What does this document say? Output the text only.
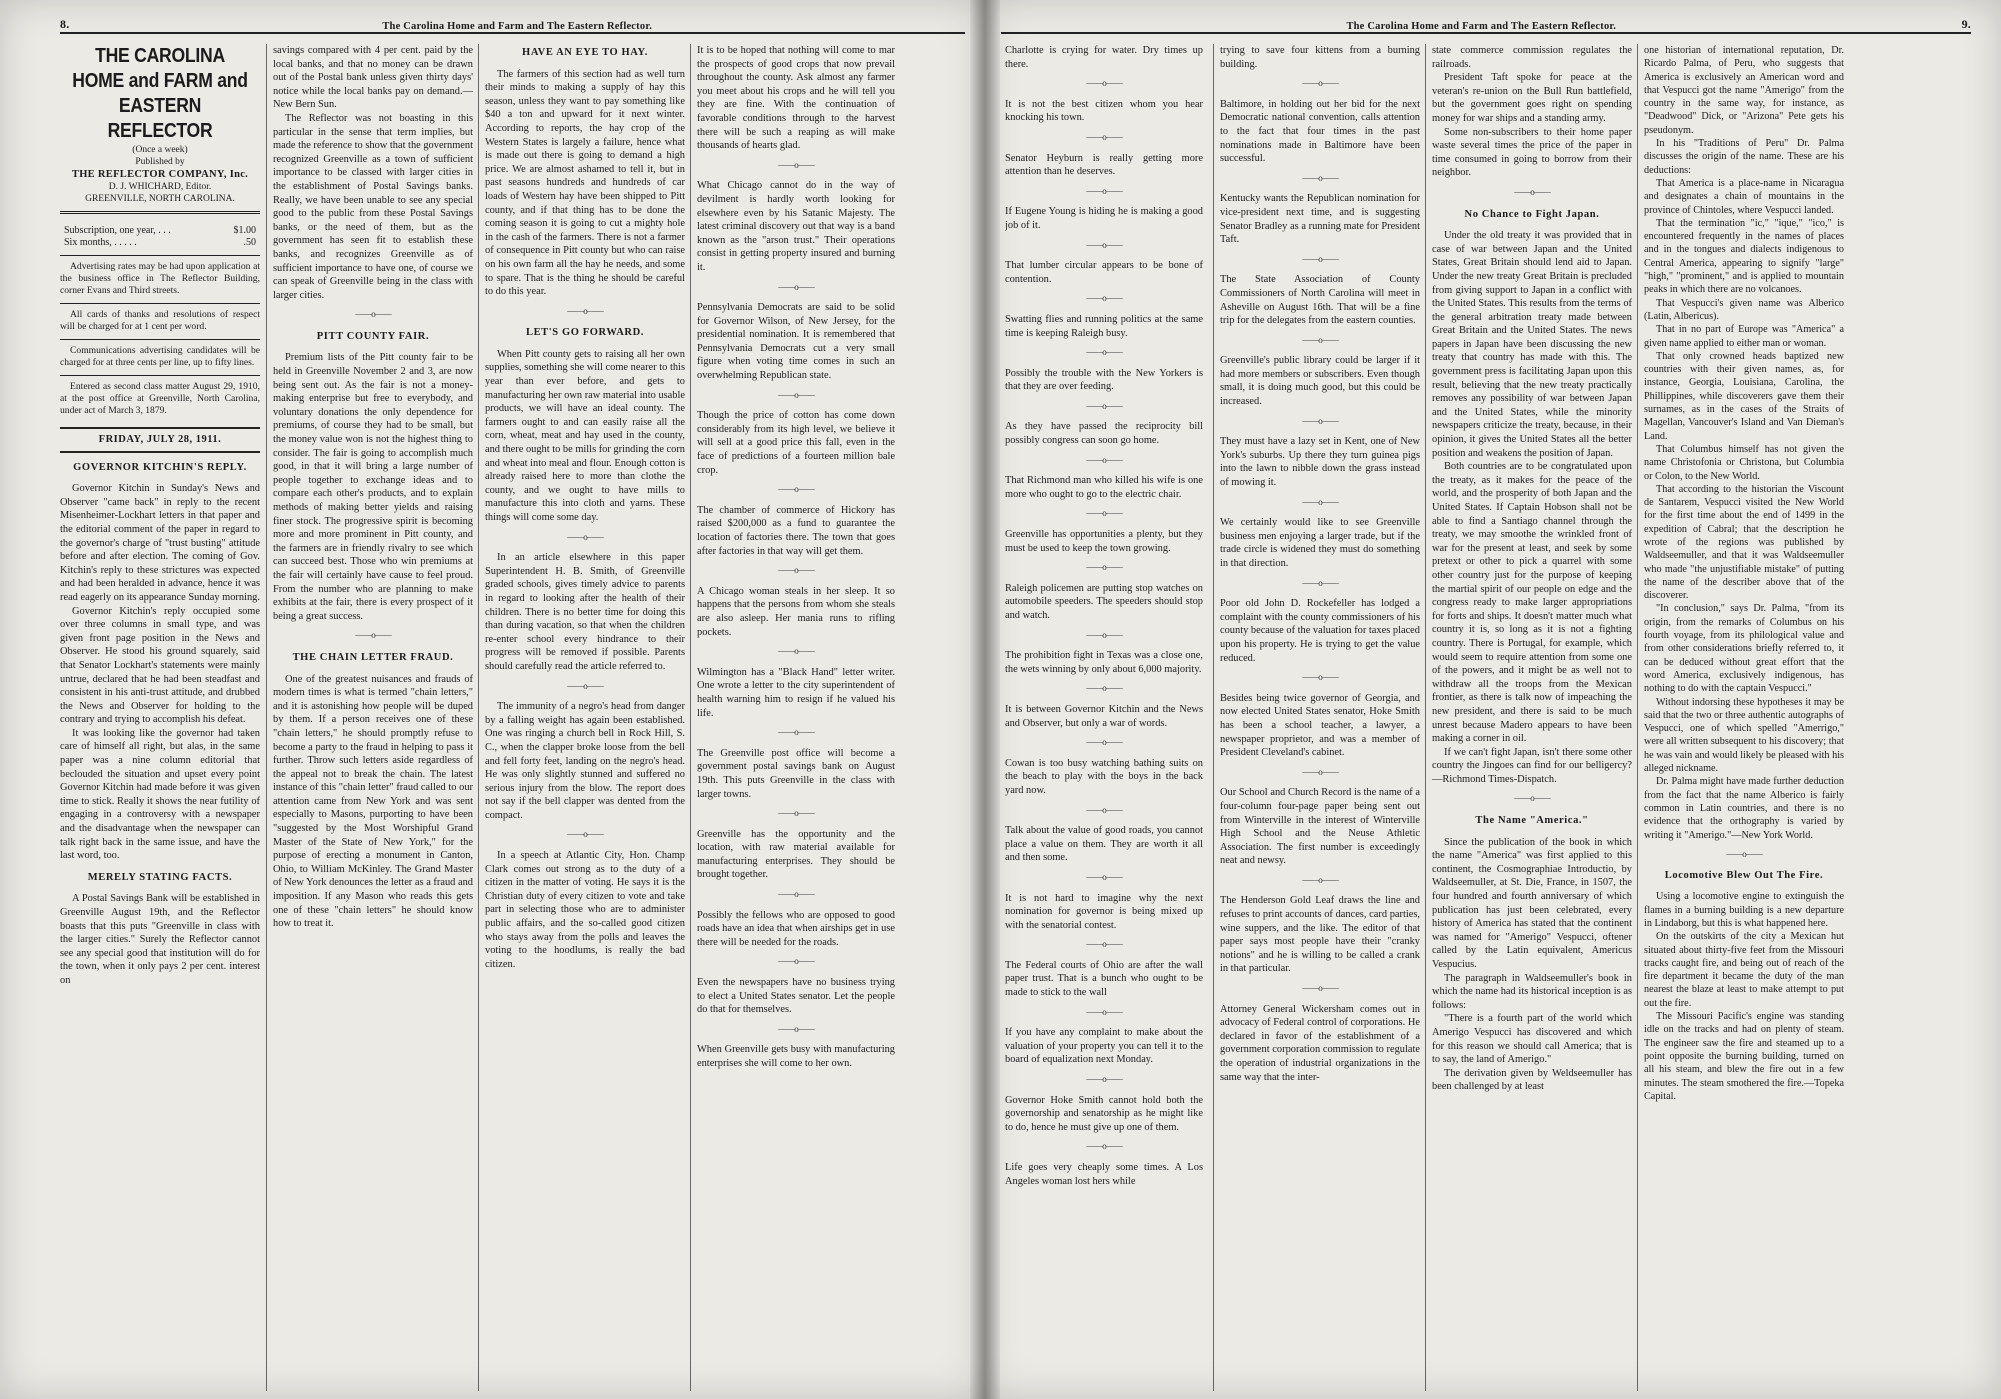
8.	The Carolina Home and Farm and The Eastern Reflector.
THE CAROLINA HOME and FARM and EASTERN REFLECTOR
(Once a week)
Published by
THE REFLECTOR COMPANY, Inc.
D. J. WHICHARD, Editor.
GREENVILLE, NORTH CAROLINA.
Subscription, one year, . . .	$1.00
Six months, . . . . .	.50

Advertising rates may be had upon application at the business office in The Reflector Building, corner Evans and Third streets.

All cards of thanks and resolutions of respect will be charged for at 1 cent per word.

Communications advertising candidates will be charged for at three cents per line, up to fifty lines.

Entered as second class matter August 29, 1910, at the post office at Greenville, North Carolina, under act of March 3, 1879.

FRIDAY, JULY 28, 1911.
GOVERNOR KITCHIN'S REPLY.

Governor Kitchin in Sunday's News and Observer "came back" in reply to the recent Misenheimer-Lockhart letters in that paper and the editorial comment of the paper in regard to the governor's charge of "trust busting" attitude before and after election. The coming of Gov. Kitchin's reply to these strictures was expected and had been heralded in advance, hence it was read eagerly on its appearance Sunday morning.

Governor Kitchin's reply occupied some over three columns in small type, and was given front page position in the News and Observer. He stood his ground squarely, said that Senator Lockhart's statements were mainly untrue, declared that he had been steadfast and consistent in his anti-trust attitude, and drubbed the News and Observer for holding to the contrary and trying to accomplish his defeat.

It was looking like the governor had taken care of himself all right, but alas, in the same paper was a nine column editorial that beclouded the situation and upset every point Governor Kitchin had made before it was given time to stick. Really it shows the near futility of engaging in a controversy with a newspaper and the disadvantage when the newspaper can talk right back in the same issue, and have the last word, too.

MERELY STATING FACTS.

A Postal Savings Bank will be established in Greenville August 19th, and the Reflector boasts that this puts "Greenville in class with the larger cities." Surely the Reflector cannot see any special good that institution will do for the town, when it only pays 2 per cent. interest on

savings compared with 4 per cent. paid by the local banks, and that no money can be drawn out of the Postal bank unless given thirty days' notice while the local banks pay on demand.—New Bern Sun.

The Reflector was not boasting in this particular in the sense that term implies, but made the reference to show that the government recognized Greenville as a town of sufficient importance to be classed with larger cities in the establishment of Postal Savings banks. Really, we have been unable to see any special good to the public from these Postal Savings banks, or the need of them, but as the government has seen fit to establish these banks, and recognizes Greenville as of sufficient importance to have one, of course we can speak of Greenville being in the class with larger cities.

——o——
PITT COUNTY FAIR.

Premium lists of the Pitt county fair to be held in Greenville November 2 and 3, are now being sent out. As the fair is not a money-making enterprise but free to everybody, and voluntary donations the only dependence for premiums, of course they had to be small, but the money value won is not the highest thing to consider. The fair is going to accomplish much good, in that it will bring a large number of people together to exchange ideas and to compare each other's products, and to explain methods of making better yields and raising finer stock. The progressive spirit is becoming more and more prominent in Pitt county, and the farmers are in friendly rivalry to see which can succeed best. Those who win premiums at the fair will certainly have cause to feel proud. From the number who are planning to make exhibits at the fair, there is every prospect of it being a great success.

——o——
THE CHAIN LETTER FRAUD.

One of the greatest nuisances and frauds of modern times is what is termed "chain letters," and it is astonishing how people will be duped by them. If a person receives one of these "chain letters," he should promptly refuse to become a party to the fraud in helping to pass it further. Throw such letters aside regardless of the appeal not to break the chain. The latest instance of this "chain letter" fraud called to our attention came from New York and was sent especially to Masons, purporting to have been "suggested by the Most Worshipful Grand Master of the State of New York," for the purpose of erecting a monument in Canton, Ohio, to William McKinley. The Grand Master of New York denounces the letter as a fraud and imposition. If any Mason who reads this gets one of these "chain letters" he should know how to treat it.

HAVE AN EYE TO HAY.

The farmers of this section had as well turn their minds to making a supply of hay this season, unless they want to pay something like $40 a ton and upward for it next winter. According to reports, the hay crop of the Western States is largely a failure, hence what is made out there is going to demand a high price. We are almost ashamed to tell it, but in past seasons hundreds and hundreds of car loads of Western hay have been shipped to Pitt county, and if that thing has to be done the coming season it is going to cut a mighty hole in the cash of the farmers. There is not a farmer of consequence in Pitt county but who can raise on his own farm all the hay he needs, and some to spare. That is the thing he should be careful to do this year.

——o——
LET'S GO FORWARD.

When Pitt county gets to raising all her own supplies, something she will come nearer to this year than ever before, and gets to manufacturing her own raw material into usable products, we will have an ideal county. The farmers ought to and can easily raise all the corn, wheat, meat and hay used in the county, and there ought to be mills for grinding the corn and wheat into meal and flour. Enough cotton is already raised here to more than clothe the county, and we ought to have mills to manufacture this into cloth and yarns. These things will come some day.

——o——

In an article elsewhere in this paper Superintendent H. B. Smith, of Greenville graded schools, gives timely advice to parents in regard to looking after the health of their children. There is no better time for doing this than during vacation, so that when the children re-enter school every hindrance to their progress will be removed if possible. Parents should carefully read the article referred to.

——o——

The immunity of a negro's head from danger by a falling weight has again been established. One was ringing a church bell in Rock Hill, S. C., when the clapper broke loose from the bell and fell forty feet, landing on the negro's head. He was only slightly stunned and suffered no serious injury from the blow. The report does not say if the bell clapper was dented from the compact.

——o——

In a speech at Atlantic City, Hon. Champ Clark comes out strong as to the duty of a citizen in the matter of voting. He says it is the Christian duty of every citizen to vote and take part in selecting those who are to administer public affairs, and the so-called good citizen who stays away from the polls and leaves the voting to the hoodlums, is really the bad citizen.

It is to be hoped that nothing will come to mar the prospects of good crops that now prevail throughout the county. Ask almost any farmer you meet about his crops and he will tell you they are fine. With the continuation of favorable conditions through to the harvest there will be such a reaping as will make thousands of hearts glad.

——o——

What Chicago cannot do in the way of devilment is hardly worth looking for elsewhere even by his Satanic Majesty. The latest criminal discovery out that way is a band known as the "arson trust." Their operations consist in getting property insured and burning it.

——o——

Pennsylvania Democrats are said to be solid for Governor Wilson, of New Jersey, for the presidential nomination. It is remembered that Pennsylvania Democrats cut a very small figure when voting time comes in such an overwhelming Republican state.

——o——

Though the price of cotton has come down considerably from its high level, we believe it will sell at a good price this fall, even in the face of predictions of a fourteen million bale crop.

——o——

The chamber of commerce of Hickory has raised $200,000 as a fund to guarantee the location of factories there. The town that goes after factories in that way will get them.

——o——

A Chicago woman steals in her sleep. It so happens that the persons from whom she steals are also asleep. Her mania runs to rifling pockets.

——o——

Wilmington has a "Black Hand" letter writer. One wrote a letter to the city superintendent of health warning him to resign if he valued his life.

——o——

The Greenville post office will become a government postal savings bank on August 19th. This puts Greenville in the class with larger towns.

——o——

Greenville has the opportunity and the location, with raw material available for manufacturing enterprises. They should be brought together.

——o——

Possibly the fellows who are opposed to good roads have an idea that when airships get in use there will be needed for the roads.

——o——

Even the newspapers have no business trying to elect a United States senator. Let the people do that for themselves.

——o——

When Greenville gets busy with manufacturing enterprises she will come to her own.

The Carolina Home and Farm and The Eastern Reflector.	9.

Charlotte is crying for water. Dry times up there.

——o——

It is not the best citizen whom you hear knocking his town.

——o——

Senator Heyburn is really getting more attention than he deserves.

——o——

If Eugene Young is hiding he is making a good job of it.

——o——

That lumber circular appears to be bone of contention.

——o——

Swatting flies and running politics at the same time is keeping Raleigh busy.

——o——

Possibly the trouble with the New Yorkers is that they are over feeding.

——o——

As they have passed the reciprocity bill possibly congress can soon go home.

——o——

That Richmond man who killed his wife is one more who ought to go to the electric chair.

——o——

Greenville has opportunities a plenty, but they must be used to keep the town growing.

——o——

Raleigh policemen are putting stop watches on automobile speeders. The speeders should stop and watch.

——o——

The prohibition fight in Texas was a close one, the wets winning by only about 6,000 majority.

——o——

It is between Governor Kitchin and the News and Observer, but only a war of words.

——o——

Cowan is too busy watching bathing suits on the beach to play with the boys in the back yard now.

——o——

Talk about the value of good roads, you cannot place a value on them. They are worth it all and then some.

——o——

It is not hard to imagine why the next nomination for governor is being mixed up with the senatorial contest.

——o——

The Federal courts of Ohio are after the wall paper trust. That is a bunch who ought to be made to stick to the wall

——o——

If you have any complaint to make about the valuation of your property you can tell it to the board of equalization next Monday.

——o——

Governor Hoke Smith cannot hold both the governorship and senatorship as he might like to do, hence he must give up one of them.

——o——

Life goes very cheaply some times. A Los Angeles woman lost hers while

trying to save four kittens from a burning building.

——o——

Baltimore, in holding out her bid for the next Democratic national convention, calls attention to the fact that four times in the past nominations made in Baltimore have been successful.

——o——

Kentucky wants the Republican nomination for vice-president next time, and is suggesting Senator Bradley as a running mate for President Taft.

——o——

The State Association of County Commissioners of North Carolina will meet in Asheville on August 16th. That will be a fine trip for the delegates from the eastern counties.

——o——

Greenville's public library could be larger if it had more members or subscribers. Even though small, it is doing much good, but this could be increased.

——o——

They must have a lazy set in Kent, one of New York's suburbs. Up there they turn guinea pigs into the lawn to nibble down the grass instead of mowing it.

——o——

We certainly would like to see Greenville business men enjoying a larger trade, but if the trade circle is widened they must do something in that direction.

——o——

Poor old John D. Rockefeller has lodged a complaint with the county commissioners of his county because of the valuation for taxes placed upon his property. He is trying to get the value reduced.

——o——

Besides being twice governor of Georgia, and now elected United States senator, Hoke Smith has been a school teacher, a lawyer, a newspaper proprietor, and was a member of President Cleveland's cabinet.

——o——

Our School and Church Record is the name of a four-column four-page paper being sent out from Winterville in the interest of Winterville High School and the Neuse Athletic Association. The first number is exceedingly neat and newsy.

——o——

The Henderson Gold Leaf draws the line and refuses to print accounts of dances, card parties, wine suppers, and the like. The editor of that paper says most people have their "cranky notions" and he is willing to be called a crank in that particular.

——o——

Attorney General Wickersham comes out in advocacy of Federal control of corporations. He declared in favor of the establishment of a government corporation commission to regulate the operation of industrial organizations in the same way that the inter-

state commerce commission regulates the railroads.

President Taft spoke for peace at the veteran's re-union on the Bull Run battlefield, but the government goes right on spending money for war ships and a standing army.

Some non-subscribers to their home paper waste several times the price of the paper in time consumed in going to borrow from their neighbor.

——o——
No Chance to Fight Japan.

Under the old treaty it was provided that in case of war between Japan and the United States, Great Britain should lend aid to Japan. Under the new treaty Great Britain is precluded from giving support to Japan in a conflict with the United States. This results from the terms of the general arbitration treaty made between Great Britain and the United States. The news papers in Japan have been discussing the new treaty that country has made with this. The government press is facilitating Japan upon this result, believing that the new treaty practically removes any possibility of war between Japan and the United States, while the minority newspapers criticize the treaty, because, in their opinion, it gives the United States all the better position and weakens the position of Japan.

Both countries are to be congratulated upon the treaty, as it makes for the peace of the world, and the prosperity of both Japan and the United States. If Captain Hobson shall not be able to find a Santiago channel through the treaty, we may smoothe the wrinkled front of war for the present at least, and seek by some pretext or other to pick a quarrel with some other country just for the purpose of keeping the martial spirit of our people on edge and the congress ready to make larger appropriations for forts and ships. It doesn't matter much what country it is, so long as it is not a fighting country. There is Portugal, for example, which would seem to require attention from some one of the powers, and it might be as well not to withdraw all the troops from the Mexican frontier, as there is talk now of impeaching the new president, and there is said to be much unrest because Madero appears to have been making a corner in oil.

If we can't fight Japan, isn't there some other country the Jingoes can find for our belligercy?—Richmond Times-Dispatch.

——o——
The Name "America."

Since the publication of the book in which the name "America" was first applied to this continent, the Cosmographiae Introductio, by Waldseemuller, at St. Die, France, in 1507, the four hundred and fourth anniversary of which publication has just been celebrated, every history of America has stated that the continent was named for "Amerigo" Vespucci, oftener called by the Latin equivalent, Americus Vespucius.

The paragraph in Waldseemuller's book in which the name had its historical inception is as follows:

"There is a fourth part of the world which Amerigo Vespucci has discovered and which for this reason we should call America; that is to say, the land of Amerigo."

The derivation given by Weldseemuller has been challenged by at least

one historian of international reputation, Dr. Ricardo Palma, of Peru, who suggests that America is exclusively an American word and that Vespucci got the name "Amerigo" from the country in the same way, for instance, as "Deadwood" Dick, or "Arizona" Pete gets his pseudonym.

In his "Traditions of Peru" Dr. Palma discusses the origin of the name. These are his deductions:

That America is a place-name in Nicaragua and designates a chain of mountains in the province of Chintoles, where Vespucci landed.

That the termination "ic," "ique," "ico," is encountered frequently in the names of places and in the tongues and dialects indigenous to Central America, appearing to signify "large" "high," "prominent," and is applied to mountain peaks in which there are no volcanoes.

That Vespucci's given name was Alberico (Latin, Albericus).

That in no part of Europe was "America" a given name applied to either man or woman.

That only crowned heads baptized new countries with their given names, as, for instance, Georgia, Louisiana, Carolina, the Phillippines, while discoverers gave them their surnames, as in the cases of the Straits of Magellan, Vancouver's Island and Van Dieman's Land.

That Columbus himself has not given the name Christofonia or Christona, but Columbia or Colon, to the New World.

That according to the historian the Viscount de Santarem, Vespucci visited the New World for the first time about the end of 1499 in the expedition of Cabral; that the description he wrote of the regions was published by Waldseemuller, and that it was Waldseemuller who made "the unjustifiable mistake" of putting the name of the describer above that of the discoverer.

"In conclusion," says Dr. Palma, "from its origin, from the remarks of Columbus on his fourth voyage, from its philological value and from other considerations briefly referred to, it can be deduced without great effort that the word America, exclusively indigenous, has nothing to do with the captain Vespucci."

Without indorsing these hypotheses it may be said that the two or three authentic autographs of Vespucci, one of which spelled "Amerrigo," were all written subsequent to his discovery; that he was vain and would likely be pleased with his alleged nickname.

Dr. Palma might have made further deduction from the fact that the name Alberico is fairly common in Latin countries, and there is no evidence that the orthography is varied by writing it "Amerigo."—New York World.

——o——
Locomotive Blew Out The Fire.

Using a locomotive engine to extinguish the flames in a burning building is a new departure in Lindaborg, but this is what happened here.

On the outskirts of the city a Mexican hut situated about thirty-five feet from the Missouri tracks caught fire, and being out of reach of the fire department it became the duty of the man nearest the blaze at least to make attempt to put out the fire.

The Missouri Pacific's engine was standing idle on the tracks and had on plenty of steam. The engineer saw the fire and steamed up to a point opposite the burning building, turned on all his steam, and blew the fire out in a few minutes. The steam smothered the fire.—Topeka Capital.
